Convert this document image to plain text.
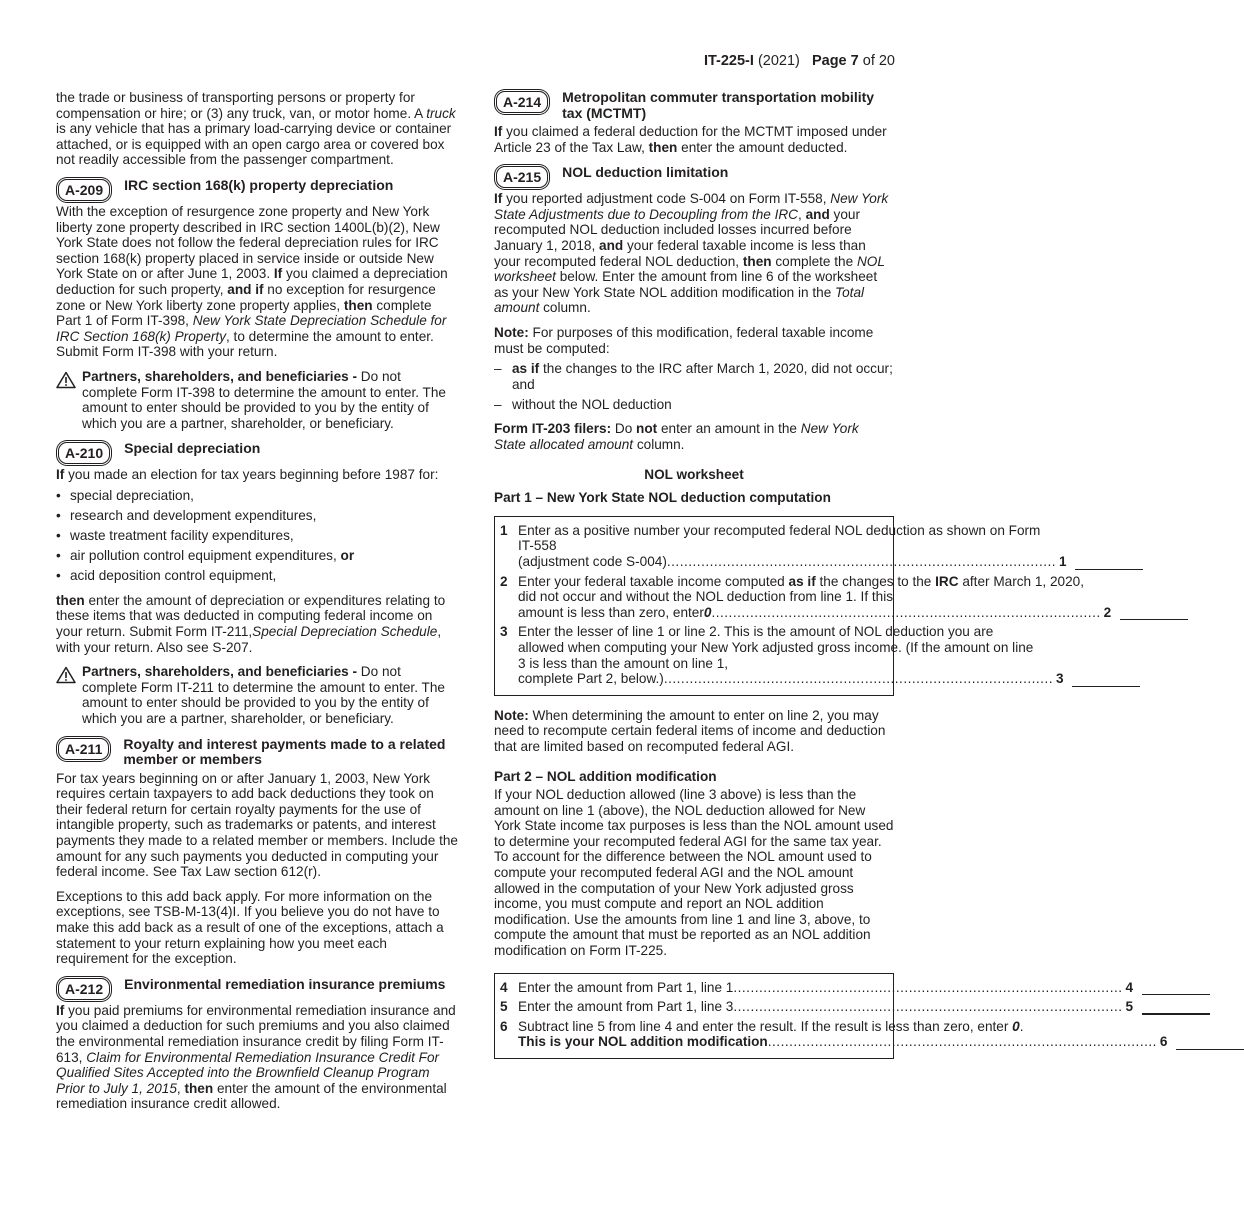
IT-225-I (2021) Page 7 of 20

the trade or business of transporting persons or property for compensation or hire; or (3) any truck, van, or motor home. A truck is any vehicle that has a primary load-carrying device or container attached, or is equipped with an open cargo area or covered box not readily accessible from the passenger compartment.

A-209	IRC section 168(k) property depreciation

With the exception of resurgence zone property and New York liberty zone property described in IRC section 1400L(b)(2), New York State does not follow the federal depreciation rules for IRC section 168(k) property placed in service inside or outside New York State on or after June 1, 2003. If you claimed a depreciation deduction for such property, and if no exception for resurgence zone or New York liberty zone property applies, then complete Part 1 of Form IT-398, New York State Depreciation Schedule for IRC Section 168(k) Property, to determine the amount to enter. Submit Form IT-398 with your return.

Partners, shareholders, and beneficiaries - Do not complete Form IT-398 to determine the amount to enter. The amount to enter should be provided to you by the entity of which you are a partner, shareholder, or beneficiary.
A-210	Special depreciation

If you made an election for tax years beginning before 1987 for:

• special depreciation,
• research and development expenditures,
• waste treatment facility expenditures,
• air pollution control equipment expenditures, or
• acid deposition control equipment,

then enter the amount of depreciation or expenditures relating to these items that was deducted in computing federal income on your return. Submit Form IT-211,Special Depreciation Schedule, with your return. Also see S-207.

Partners, shareholders, and beneficiaries - Do not complete Form IT-211 to determine the amount to enter. The amount to enter should be provided to you by the entity of which you are a partner, shareholder, or beneficiary.
A-211	Royalty and interest payments made to a related member or members

For tax years beginning on or after January 1, 2003, New York requires certain taxpayers to add back deductions they took on their federal return for certain royalty payments for the use of intangible property, such as trademarks or patents, and interest payments they made to a related member or members. Include the amount for any such payments you deducted in computing your federal income. See Tax Law section 612(r).

Exceptions to this add back apply. For more information on the exceptions, see TSB-M-13(4)I. If you believe you do not have to make this add back as a result of one of the exceptions, attach a statement to your return explaining how you meet each requirement for the exception.

A-212	Environmental remediation insurance premiums

If you paid premiums for environmental remediation insurance and you claimed a deduction for such premiums and you also claimed the environmental remediation insurance credit by filing Form IT-613, Claim for Environmental Remediation Insurance Credit For Qualified Sites Accepted into the Brownfield Cleanup Program Prior to July 1, 2015, then enter the amount of the environmental remediation insurance credit allowed.

A-214	Metropolitan commuter transportation mobility tax (MCTMT)

If you claimed a federal deduction for the MCTMT imposed under Article 23 of the Tax Law, then enter the amount deducted.

A-215	NOL deduction limitation

If you reported adjustment code S-004 on Form IT-558, New York State Adjustments due to Decoupling from the IRC, and your recomputed NOL deduction included losses incurred before January 1, 2018, and your federal taxable income is less than your recomputed federal NOL deduction, then complete the NOL worksheet below. Enter the amount from line 6 of the worksheet as your New York State NOL addition modification in the Total amount column.

Note: For purposes of this modification, federal taxable income must be computed:

– as if the changes to the IRC after March 1, 2020, did not occur; and
– without the NOL deduction

Form IT-203 filers: Do not enter an amount in the New York State allocated amount column.

NOL worksheet
Part 1 – New York State NOL deduction computation
1 Enter as a positive number your recomputed federal NOL deduction as shown on Form IT-558
(adjustment code S-004) ........................................................................................... 1
2 Enter your federal taxable income computed as if the changes to the IRC after March 1, 2020, did not occur and without the NOL deduction from line 1. If this
amount is less than zero, enter 0 ........................................................................................... 2
3 Enter the lesser of line 1 or line 2. This is the amount of NOL deduction you are allowed when computing your New York adjusted gross income. (If the amount on line 3 is less than the amount on line 1,
complete Part 2, below.) ........................................................................................... 3

Note: When determining the amount to enter on line 2, you may need to recompute certain federal items of income and deduction that are limited based on recomputed federal AGI.

Part 2 – NOL addition modification

If your NOL deduction allowed (line 3 above) is less than the amount on line 1 (above), the NOL deduction allowed for New York State income tax purposes is less than the NOL amount used to determine your recomputed federal AGI for the same tax year. To account for the difference between the NOL amount used to compute your recomputed federal AGI and the NOL amount allowed in the computation of your New York adjusted gross income, you must compute and report an NOL addition modification. Use the amounts from line 1 and line 3, above, to compute the amount that must be reported as an NOL addition modification on Form IT-225.

4 Enter the amount from Part 1, line 1 ........................................................................................... 4
5 Enter the amount from Part 1, line 3 ........................................................................................... 5
6 Subtract line 5 from line 4 and enter the result. If the result is less than zero, enter 0.
This is your NOL addition modification ........................................................................................... 6
